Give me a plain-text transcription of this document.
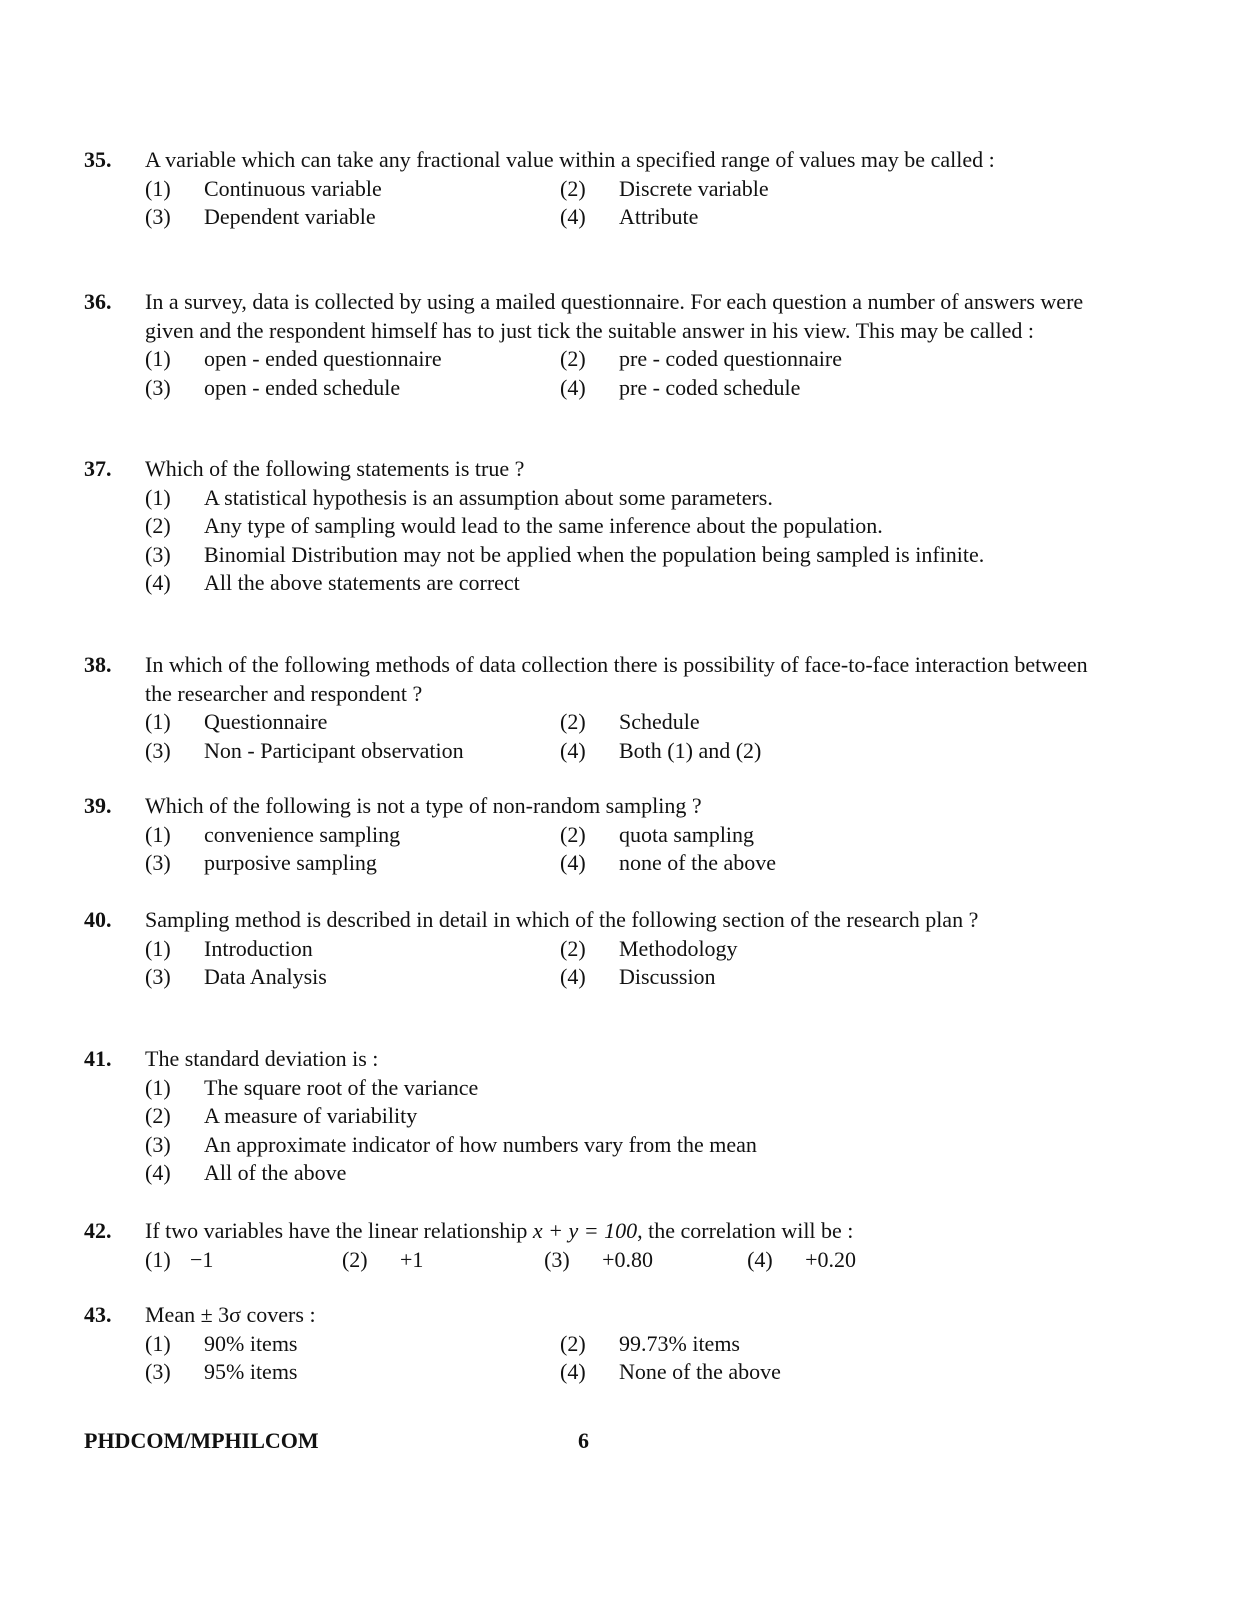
35. A variable which can take any fractional value within a specified range of values may be called :
(1)	Continuous variable	(2)	Discrete variable
(3)	Dependent variable	(4)	Attribute
36. In a survey, data is collected by using a mailed questionnaire. For each question a number of answers were given and the respondent himself has to just tick the suitable answer in his view. This may be called :
(1)	open - ended questionnaire	(2)	pre - coded questionnaire
(3)	open - ended schedule	(4)	pre - coded schedule
37. Which of the following statements is true ?
(1)	A statistical hypothesis is an assumption about some parameters.
(2)	Any type of sampling would lead to the same inference about the population.
(3)	Binomial Distribution may not be applied when the population being sampled is infinite.
(4)	All the above statements are correct
38. In which of the following methods of data collection there is possibility of face-to-face interaction between the researcher and respondent ?
(1)	Questionnaire	(2)	Schedule
(3)	Non - Participant observation	(4)	Both (1) and (2)
39. Which of the following is not a type of non-random sampling ?
(1)	convenience sampling	(2)	quota sampling
(3)	purposive sampling	(4)	none of the above
40. Sampling method is described in detail in which of the following section of the research plan ?
(1)	Introduction	(2)	Methodology
(3)	Data Analysis	(4)	Discussion
41. The standard deviation is :
(1)	The square root of the variance
(2)	A measure of variability
(3)	An approximate indicator of how numbers vary from the mean
(4)	All of the above
42. If two variables have the linear relationship x + y = 100, the correlation will be :
(1) −1	(2)	+1	(3)	+0.80	(4)	+0.20
43. Mean ± 3σ covers :
(1)	90% items	(2)	99.73% items
(3)	95% items	(4)	None of the above
PHDCOM/MPHILCOM	6
